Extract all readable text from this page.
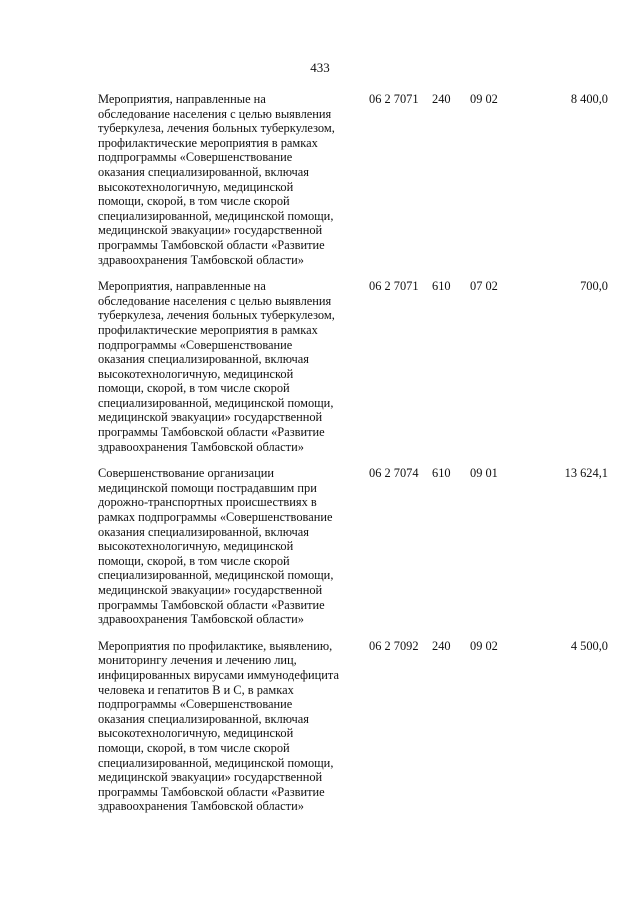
433
Мероприятия, направленные на
обследование населения с целью выявления
туберкулеза, лечения больных туберкулезом,
профилактические мероприятия в рамках
подпрограммы «Совершенствование
оказания специализированной, включая
высокотехнологичную, медицинской
помощи, скорой, в том числе скорой
специализированной, медицинской помощи,
медицинской эвакуации» государственной
программы Тамбовской области «Развитие
здравоохранения Тамбовской области»
06 2 7071 240 09 02	8 400,0
Мероприятия, направленные на
обследование населения с целью выявления
туберкулеза, лечения больных туберкулезом,
профилактические мероприятия в рамках
подпрограммы «Совершенствование
оказания специализированной, включая
высокотехнологичную, медицинской
помощи, скорой, в том числе скорой
специализированной, медицинской помощи,
медицинской эвакуации» государственной
программы Тамбовской области «Развитие
здравоохранения Тамбовской области»
06 2 7071 610 07 02	700,0
Совершенствование организации
медицинской помощи пострадавшим при
дорожно-транспортных происшествиях в
рамках подпрограммы «Совершенствование
оказания специализированной, включая
высокотехнологичную, медицинской
помощи, скорой, в том числе скорой
специализированной, медицинской помощи,
медицинской эвакуации» государственной
программы Тамбовской области «Развитие
здравоохранения Тамбовской области»
06 2 7074 610 09 01	13 624,1
Мероприятия по профилактике, выявлению,
мониторингу лечения и лечению лиц,
инфицированных вирусами иммунодефицита
человека и гепатитов В и С, в рамках
подпрограммы «Совершенствование
оказания специализированной, включая
высокотехнологичную, медицинской
помощи, скорой, в том числе скорой
специализированной, медицинской помощи,
медицинской эвакуации» государственной
программы Тамбовской области «Развитие
здравоохранения Тамбовской области»
06 2 7092 240 09 02	4 500,0
